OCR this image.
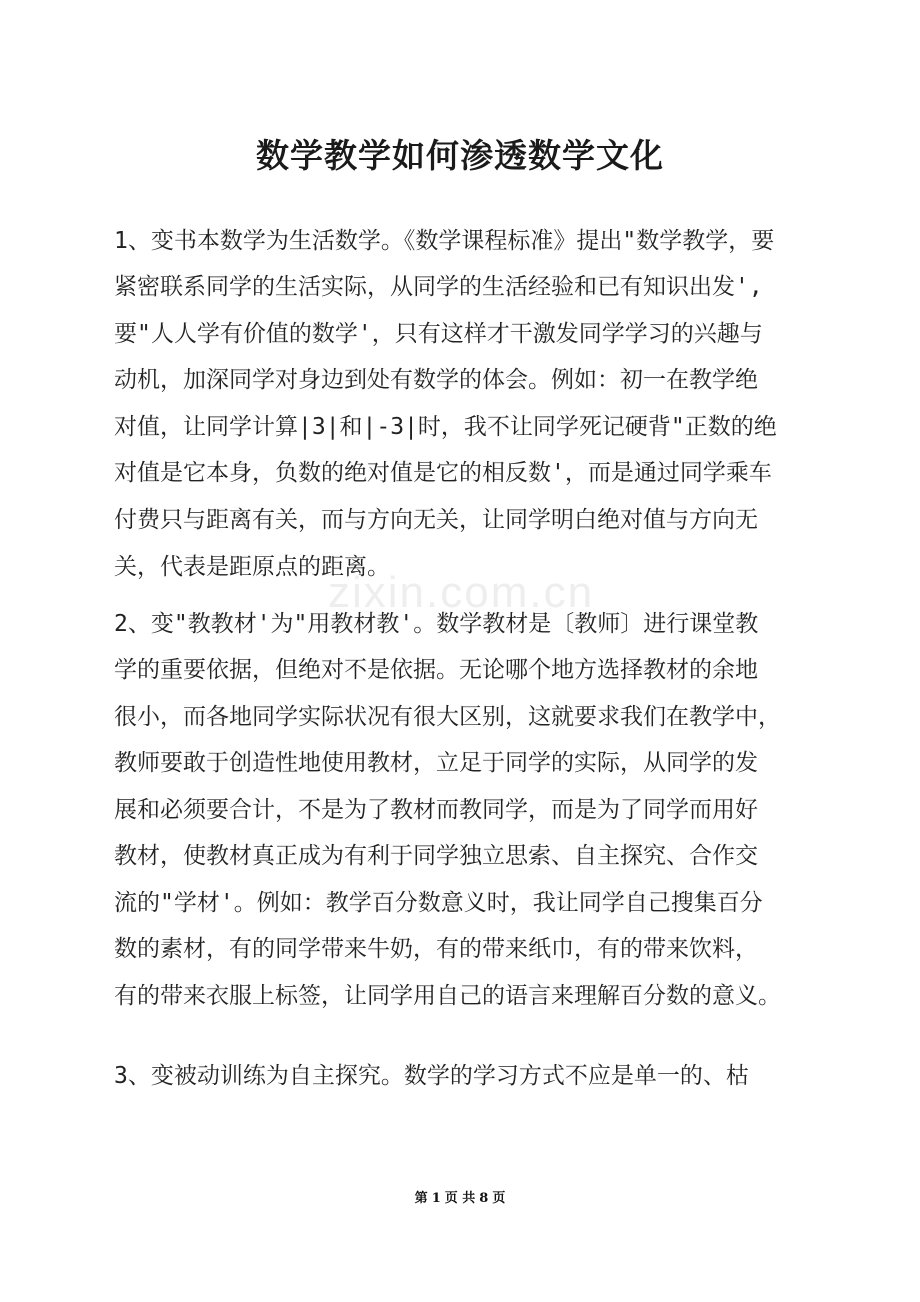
数学教学如何渗透数学文化
zixin.com.cn

1、变书本数学为生活数学。《数学课程标准》提出"数学教学，要

紧密联系同学的生活实际，从同学的生活经验和已有知识出发',

要"人人学有价值的数学'，只有这样才干激发同学学习的兴趣与

动机，加深同学对身边到处有数学的体会。例如：初一在教学绝

对值，让同学计算|3|和|-3|时，我不让同学死记硬背"正数的绝

对值是它本身，负数的绝对值是它的相反数'，而是通过同学乘车

付费只与距离有关，而与方向无关，让同学明白绝对值与方向无

关，代表是距原点的距离。

2、变"教教材'为"用教材教'。数学教材是〔教师〕进行课堂教

学的重要依据，但绝对不是依据。无论哪个地方选择教材的余地

很小，而各地同学实际状况有很大区别，这就要求我们在教学中，

教师要敢于创造性地使用教材，立足于同学的实际，从同学的发

展和必须要合计，不是为了教材而教同学，而是为了同学而用好

教材，使教材真正成为有利于同学独立思索、自主探究、合作交

流的"学材'。例如：教学百分数意义时，我让同学自己搜集百分

数的素材，有的同学带来牛奶，有的带来纸巾，有的带来饮料，

有的带来衣服上标签，让同学用自己的语言来理解百分数的意义。

3、变被动训练为自主探究。数学的学习方式不应是单一的、枯

第 1 页 共 8 页
